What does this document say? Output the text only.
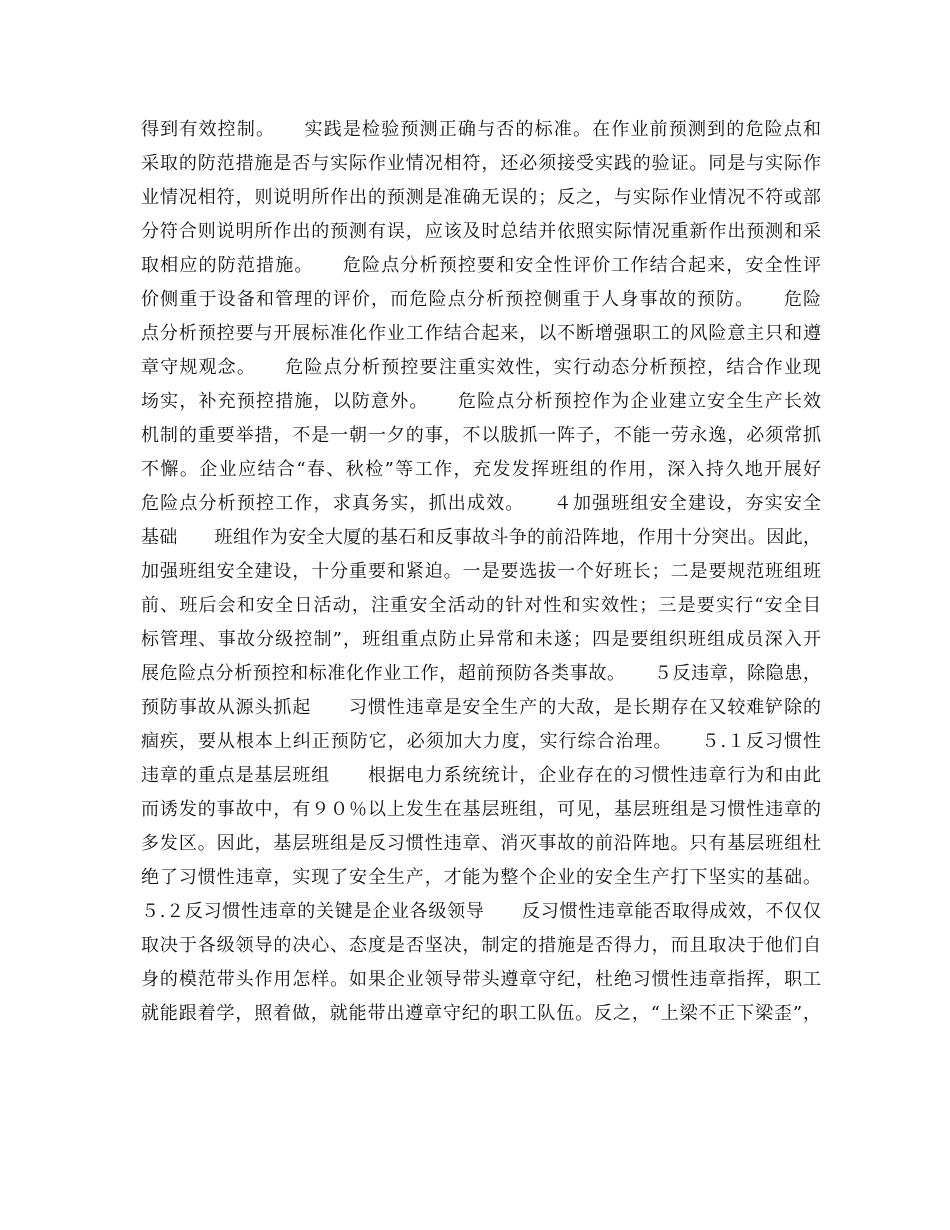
得到有效控制。　　实践是检验预测正确与否的标准。在作业前预测到的危险点和
采取的防范措施是否与实际作业情况相符，还必须接受实践的验证。同是与实际作
业情况相符，则说明所作出的预测是准确无误的；反之，与实际作业情况不符或部
分符合则说明所作出的预测有误，应该及时总结并依照实际情况重新作出预测和采
取相应的防范措施。　　危险点分析预控要和安全性评价工作结合起来，安全性评
价侧重于设备和管理的评价，而危险点分析预控侧重于人身事故的预防。　　危险
点分析预控要与开展标准化作业工作结合起来，以不断增强职工的风险意主只和遵
章守规观念。　　危险点分析预控要注重实效性，实行动态分析预控，结合作业现
场实，补充预控措施，以防意外。　　危险点分析预控作为企业建立安全生产长效
机制的重要举措，不是一朝一夕的事，不以胈抓一阵子，不能一劳永逸，必须常抓
不懈。企业应结合“春、秋检”等工作，充发发挥班组的作用，深入持久地开展好
危险点分析预控工作，求真务实，抓出成效。　　４加强班组安全建设，夯实安全
基础　　班组作为安全大厦的基石和反事故斗争的前沿阵地，作用十分突出。因此，
加强班组安全建设，十分重要和紧迫。一是要选拔一个好班长；二是要规范班组班
前、班后会和安全日活动，注重安全活动的针对性和实效性；三是要实行“安全目
标管理、事故分级控制”，班组重点防止异常和未遂；四是要组织班组成员深入开
展危险点分析预控和标准化作业工作，超前预防各类事故。　　５反违章，除隐患，
预防事故从源头抓起　　习惯性违章是安全生产的大敌，是长期存在又较难铲除的
痼疾，要从根本上纠正预防它，必须加大力度，实行综合治理。　　５.１反习惯性
违章的重点是基层班组　　根据电力系统统计，企业存在的习惯性违章行为和由此
而诱发的事故中，有９０％以上发生在基层班组，可见，基层班组是习惯性违章的
多发区。因此，基层班组是反习惯性违章、消灭事故的前沿阵地。只有基层班组杜
绝了习惯性违章，实现了安全生产，才能为整个企业的安全生产打下坚实的基础。
５.２反习惯性违章的关键是企业各级领导　　反习惯性违章能否取得成效，不仅仅
取决于各级领导的决心、态度是否坚决，制定的措施是否得力，而且取决于他们自
身的模范带头作用怎样。如果企业领导带头遵章守纪，杜绝习惯性违章指挥，职工
就能跟着学，照着做，就能带出遵章守纪的职工队伍。反之，“上梁不正下梁歪”，
